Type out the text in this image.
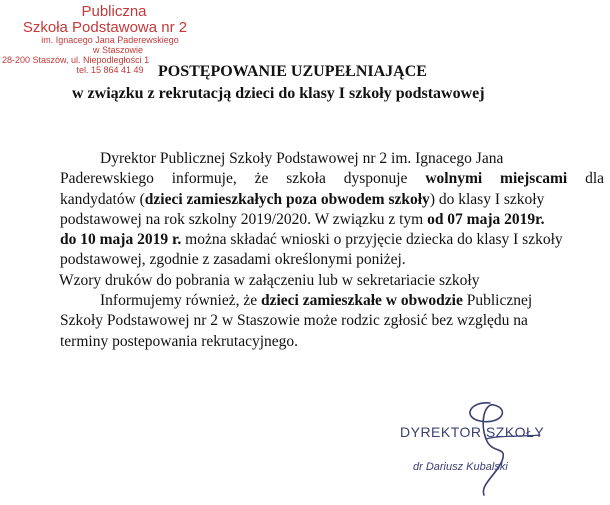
Publiczna
Szkoła Podstawowa nr 2
im. Ignacego Jana Paderewskiego
w Staszowie
28-200 Staszów, ul. Niepodległości 1
tel. 15 864 41 49 POSTĘPOWANIE UZUPEŁNIAJĄCE
w związku z rekrutacją dzieci do klasy I szkoły podstawowej
Dyrektor Publicznej Szkoły Podstawowej nr 2 im. Ignacego Jana
Paderewskiego informuje, że szkoła dysponuje wolnymi miejscami dla
kandydatów (dzieci zamieszkałych poza obwodem szkoły) do klasy I szkoły
podstawowej na rok szkolny 2019/2020. W związku z tym od 07 maja 2019r.
do 10 maja 2019 r. można składać wnioski o przyjęcie dziecka do klasy I szkoły
podstawowej, zgodnie z zasadami określonymi poniżej.
Wzory druków do pobrania w załączeniu lub w sekretariacie szkoły
Informujemy również, że dzieci zamieszkałe w obwodzie Publicznej
Szkoły Podstawowej nr 2 w Staszowie może rodzic zgłosić bez względu na
terminy postepowania rekrutacyjnego.
DYREKTOR SZKOŁY
dr Dariusz Kubalski
